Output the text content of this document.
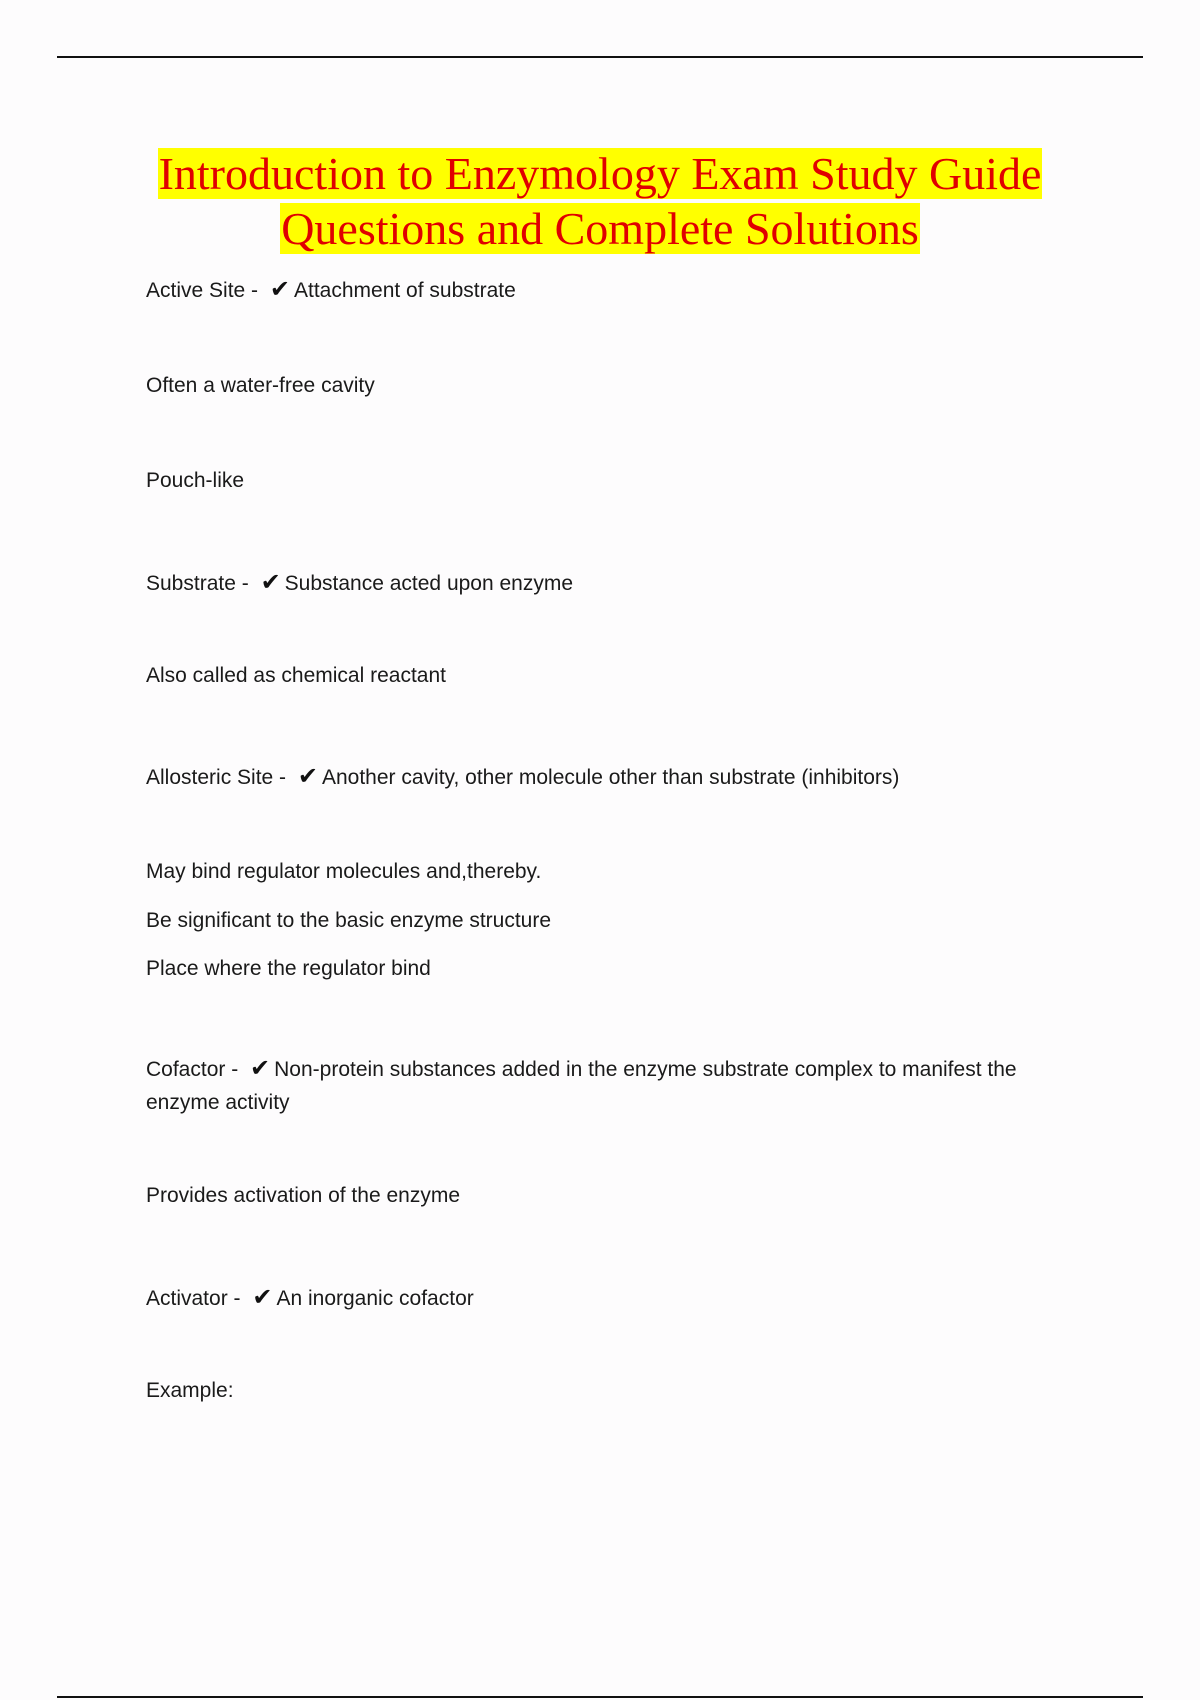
Introduction to Enzymology Exam Study Guide
Questions and Complete Solutions
Active Site - ✔ Attachment of substrate
Often a water-free cavity
Pouch-like
Substrate - ✔ Substance acted upon enzyme
Also called as chemical reactant
Allosteric Site - ✔ Another cavity, other molecule other than substrate (inhibitors)
May bind regulator molecules and,thereby.
Be significant to the basic enzyme structure
Place where the regulator bind
Cofactor - ✔ Non-protein substances added in the enzyme substrate complex to manifest the enzyme activity
Provides activation of the enzyme
Activator - ✔ An inorganic cofactor
Example:
